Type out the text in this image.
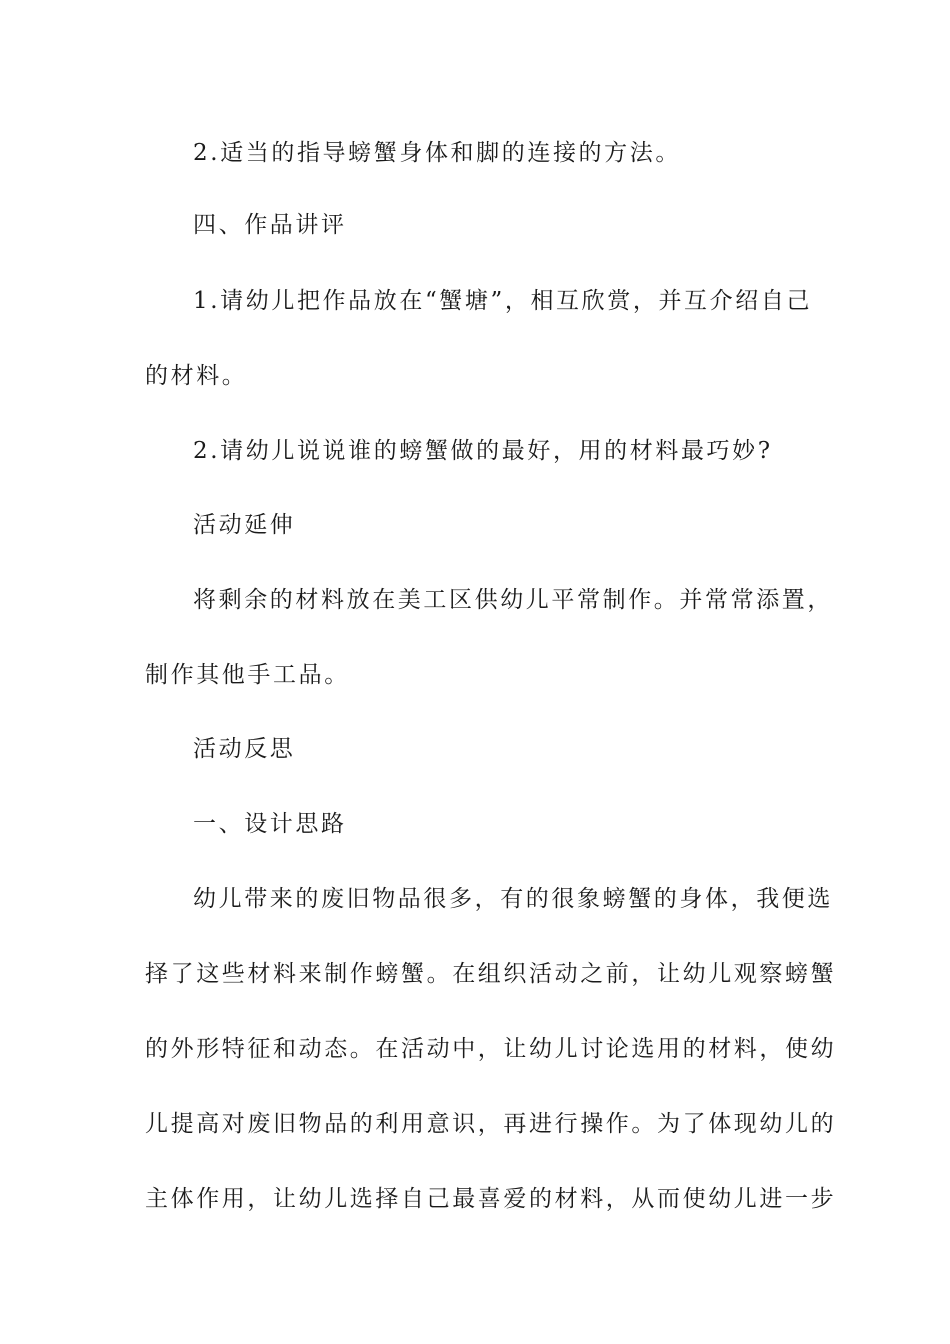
2.适当的指导螃蟹身体和脚的连接的方法。
四、作品讲评
1.请幼儿把作品放在“蟹塘”，相互欣赏，并互介绍自己
的材料。
2.请幼儿说说谁的螃蟹做的最好，用的材料最巧妙?
活动延伸
将剩余的材料放在美工区供幼儿平常制作。并常常添置，
制作其他手工品。
活动反思
一、设计思路
幼儿带来的废旧物品很多，有的很象螃蟹的身体，我便选
择了这些材料来制作螃蟹。在组织活动之前，让幼儿观察螃蟹
的外形特征和动态。在活动中，让幼儿讨论选用的材料，使幼
儿提高对废旧物品的利用意识，再进行操作。为了体现幼儿的
主体作用，让幼儿选择自己最喜爱的材料，从而使幼儿进一步
